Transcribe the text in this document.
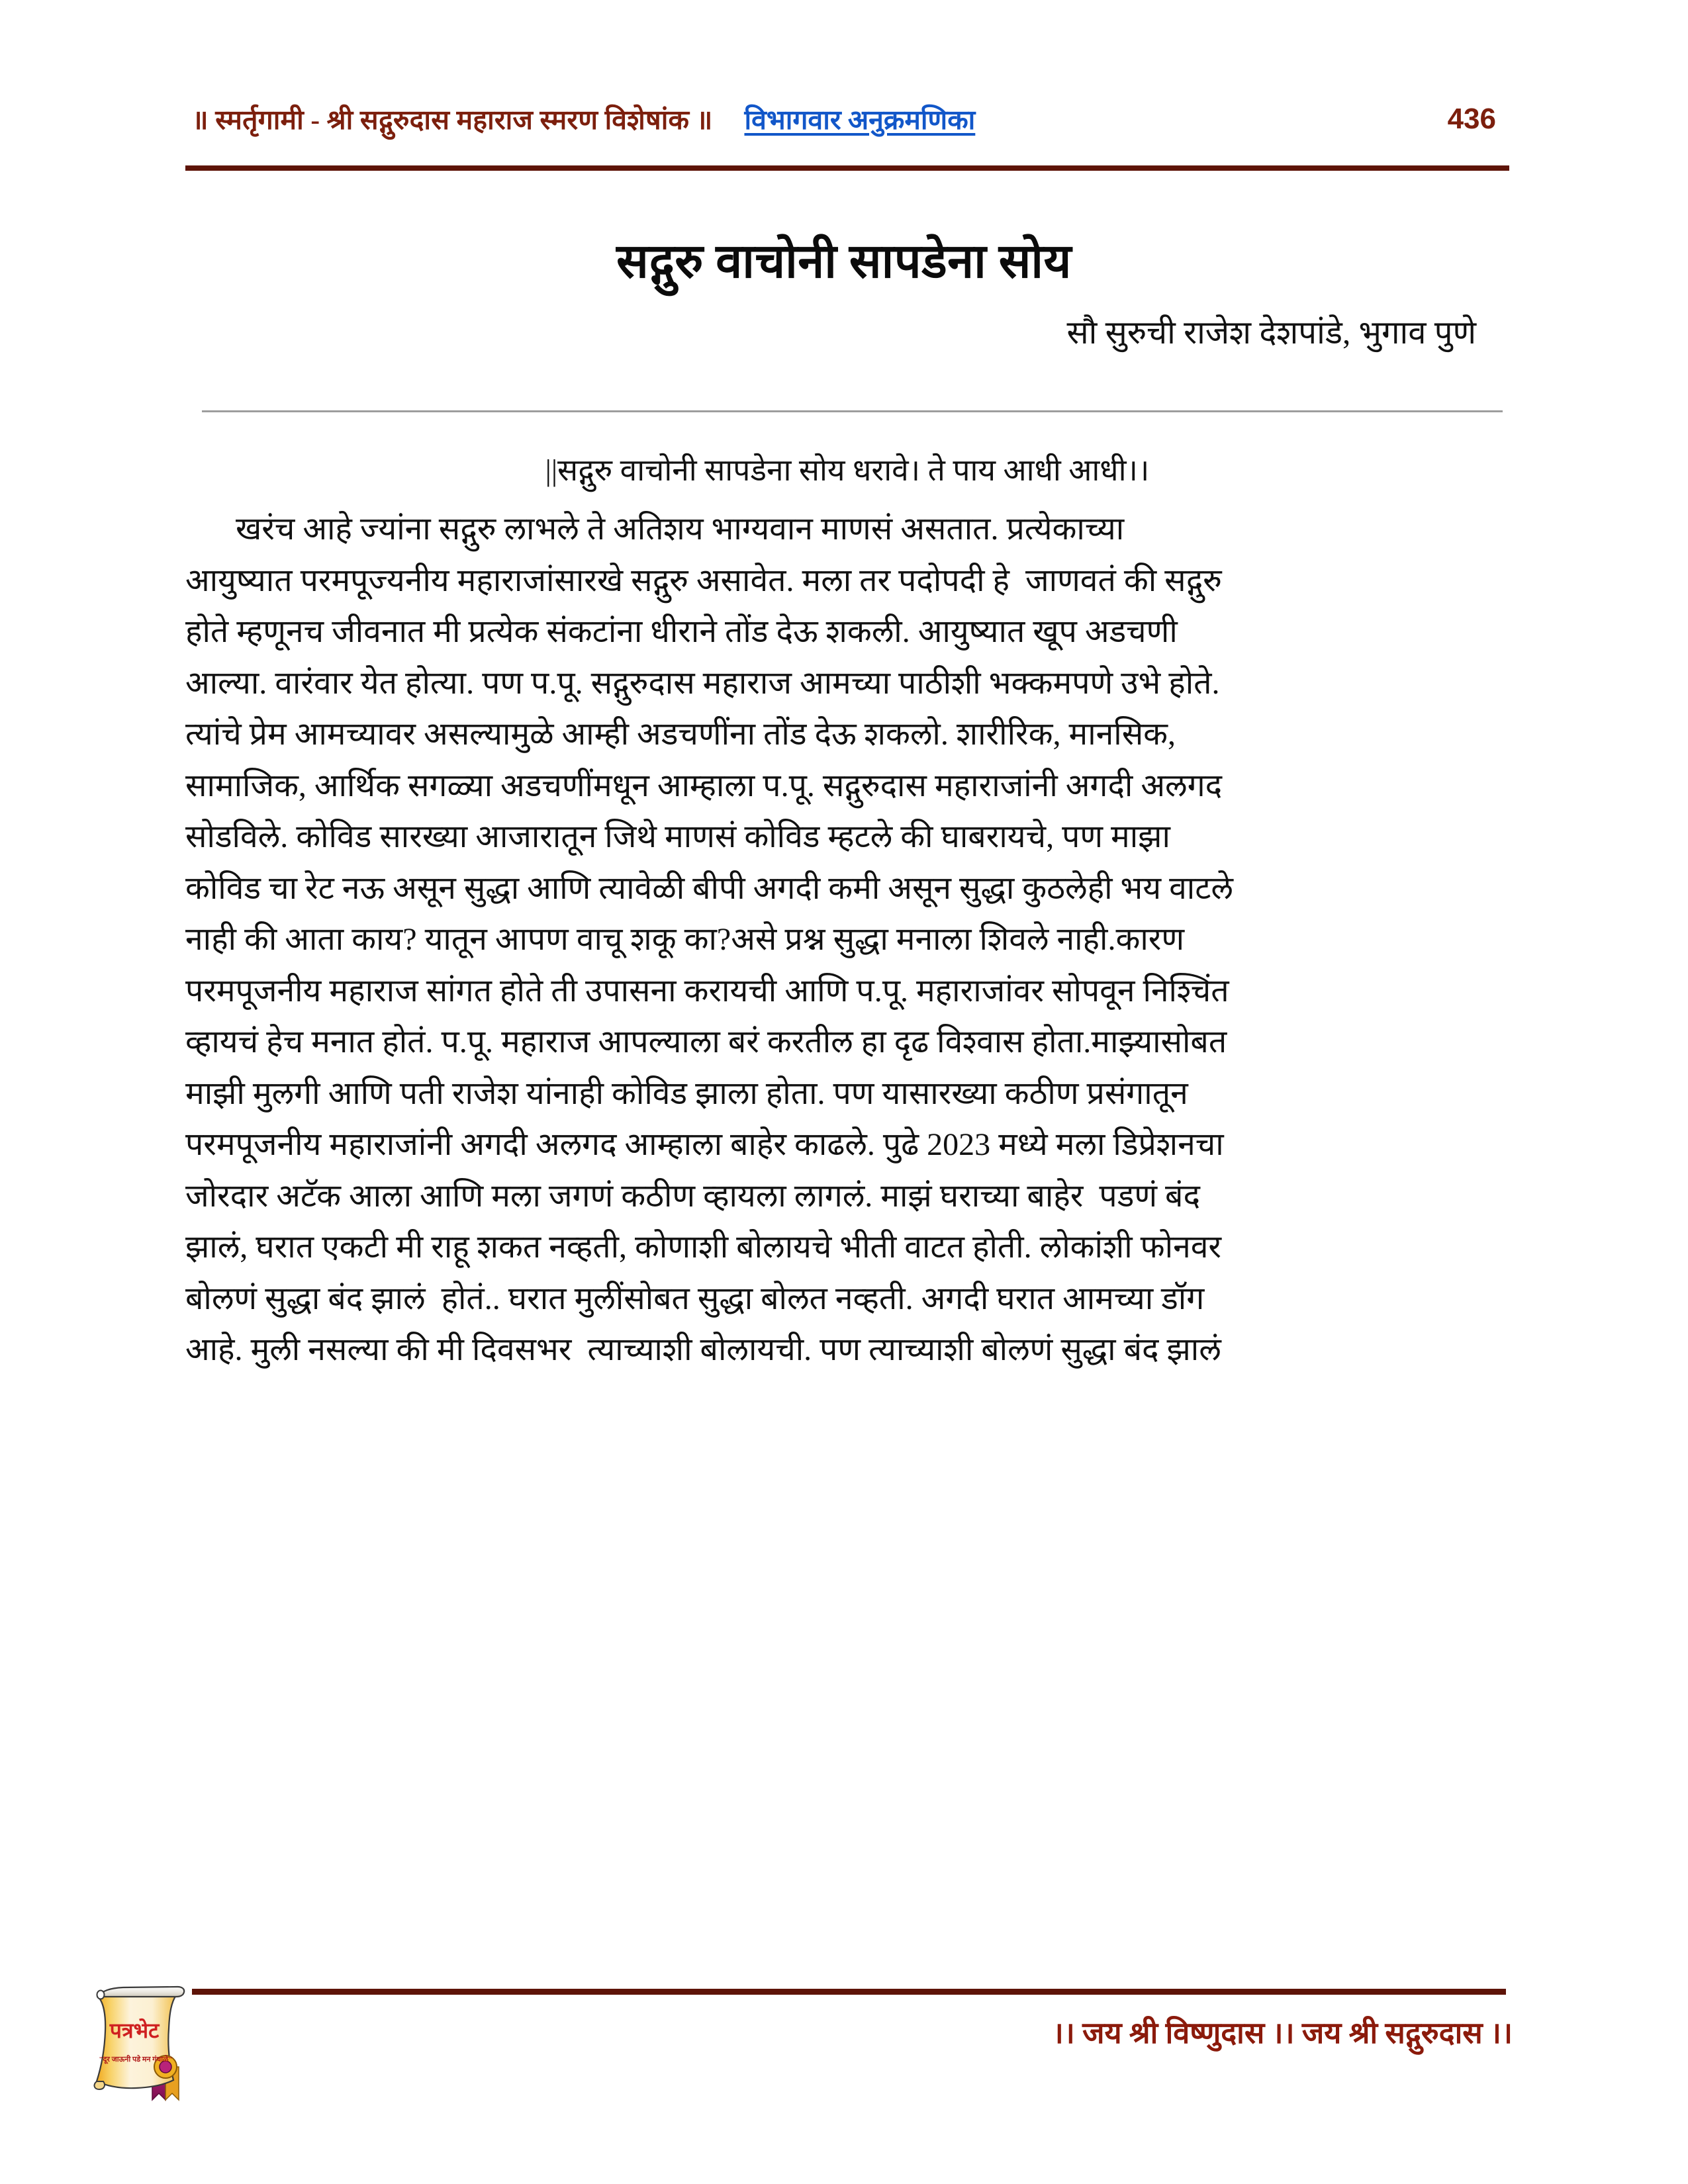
॥ स्मर्तृगामी - श्री सद्गुरुदास महाराज स्मरण विशेषांक ॥ विभागवार अनुक्रमणिका	436
सद्गुरु वाचोनी सापडेना सोय
सौ सुरुची राजेश देशपांडे, भुगाव पुणे
||सद्गुरु वाचोनी सापडेना सोय धरावे। ते पाय आधी आधी।।
खरंच आहे ज्यांना सद्गुरु लाभले ते अतिशय भाग्यवान माणसं असतात. प्रत्येकाच्या
आयुष्यात परमपूज्यनीय महाराजांसारखे सद्गुरु असावेत. मला तर पदोपदी हे  जाणवतं की सद्गुरु
होते म्हणूनच जीवनात मी प्रत्येक संकटांना धीराने तोंड देऊ शकली. आयुष्यात खूप अडचणी
आल्या. वारंवार येत होत्या. पण प.पू. सद्गुरुदास महाराज आमच्या पाठीशी भक्कमपणे उभे होते.
त्यांचे प्रेम आमच्यावर असल्यामुळे आम्ही अडचणींना तोंड देऊ शकलो. शारीरिक, मानसिक,
सामाजिक, आर्थिक सगळ्या अडचणींमधून आम्हाला प.पू. सद्गुरुदास महाराजांनी अगदी अलगद
सोडविले. कोविड सारख्या आजारातून जिथे माणसं कोविड म्हटले की घाबरायचे, पण माझा
कोविड चा रेट नऊ असून सुद्धा आणि त्यावेळी बीपी अगदी कमी असून सुद्धा कुठलेही भय वाटले
नाही की आता काय? यातून आपण वाचू शकू का?असे प्रश्न सुद्धा मनाला शिवले नाही.कारण
परमपूजनीय महाराज सांगत होते ती उपासना करायची आणि प.पू. महाराजांवर सोपवून निश्चिंत
व्हायचं हेच मनात होतं. प.पू. महाराज आपल्याला बरं करतील हा दृढ विश्वास होता.माझ्यासोबत
माझी मुलगी आणि पती राजेश यांनाही कोविड झाला होता. पण यासारख्या कठीण प्रसंगातून
परमपूजनीय महाराजांनी अगदी अलगद आम्हाला बाहेर काढले. पुढे 2023 मध्ये मला डिप्रेशनचा
जोरदार अटॅक आला आणि मला जगणं कठीण व्हायला लागलं. माझं घराच्या बाहेर  पडणं बंद
झालं, घरात एकटी मी राहू शकत नव्हती, कोणाशी बोलायचे भीती वाटत होती. लोकांशी फोनवर
बोलणं सुद्धा बंद झालं  होतं.. घरात मुलींसोबत सुद्धा बोलत नव्हती. अगदी घरात आमच्या डॉग
आहे. मुली नसल्या की मी दिवसभर  त्याच्याशी बोलायची. पण त्याच्याशी बोलणं सुद्धा बंद झालं
।। जय श्री विष्णुदास ।। जय श्री सद्गुरुदास ।।
पत्रभेट
"दूर जाऊनी पडे मन गंधाळे"
